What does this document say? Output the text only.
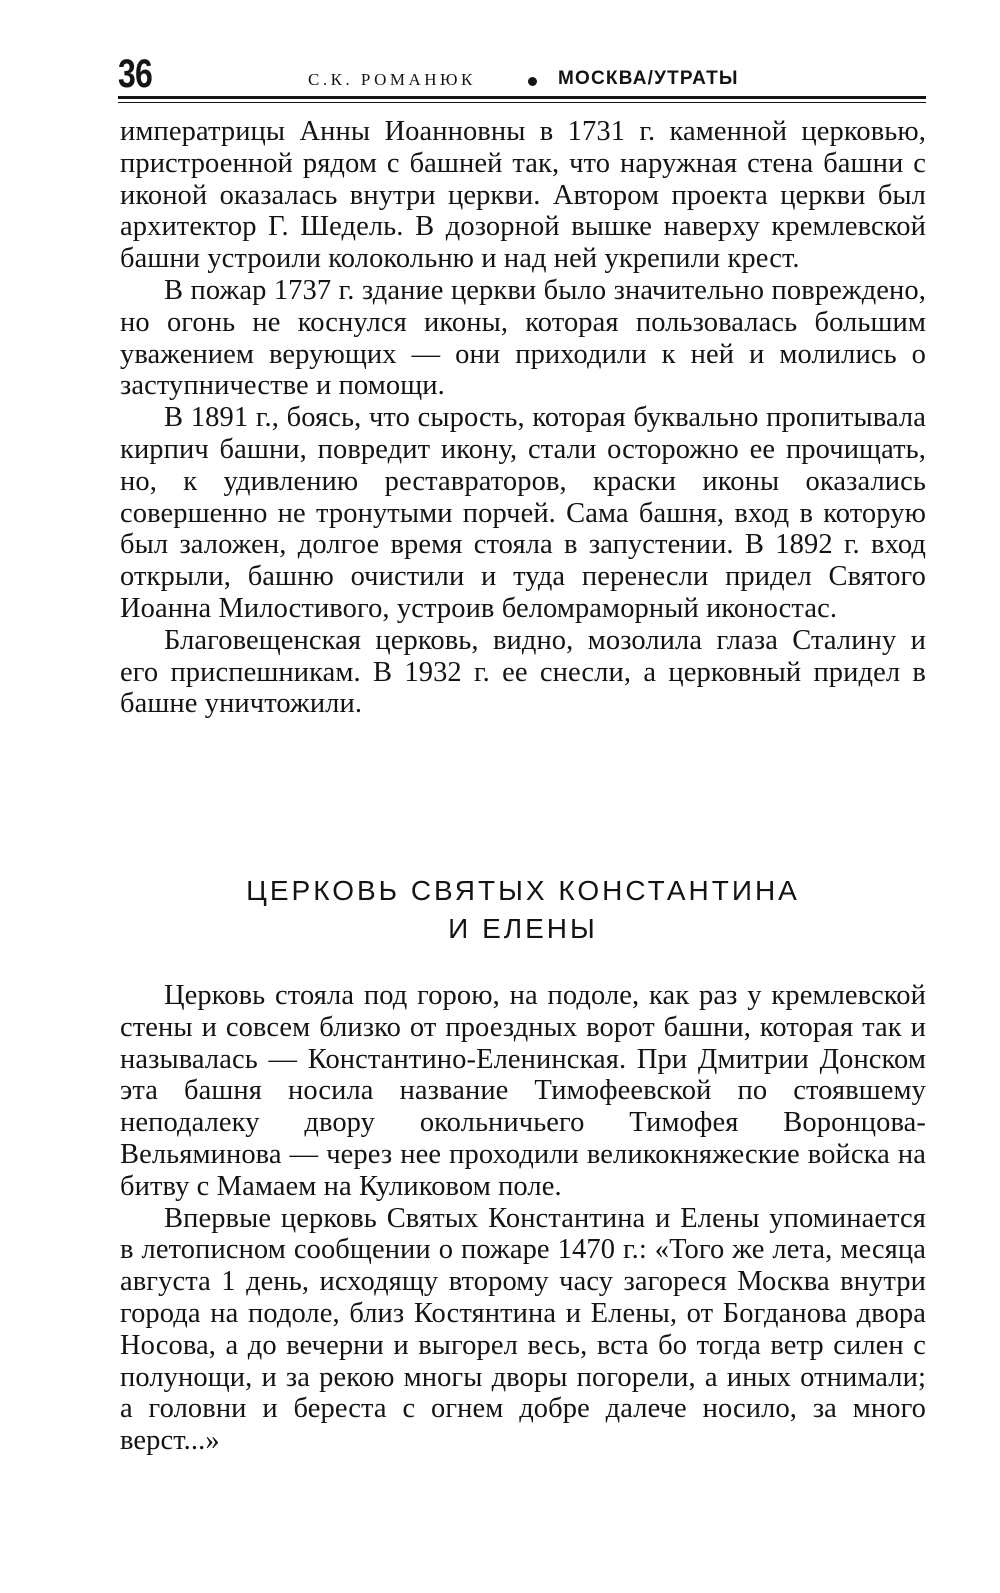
36	С.К. РОМАНЮК	МОСКВА/УТРАТЫ

императрицы Анны Иоанновны в 1731 г. каменной церковью, пристроенной рядом с башней так, что наружная стена башни с иконой оказалась внутри церкви. Автором проекта церкви был архитектор Г. Шедель. В дозорной вышке наверху кремлевской башни устроили колокольню и над ней укрепили крест.

В пожар 1737 г. здание церкви было значительно повреждено, но огонь не коснулся иконы, которая пользовалась большим уважением верующих — они приходили к ней и молились о заступничестве и помощи.

В 1891 г., боясь, что сырость, которая буквально пропитывала кирпич башни, повредит икону, стали осторожно ее прочищать, но, к удивлению реставраторов, краски иконы оказались совершенно не тронутыми порчей. Сама башня, вход в которую был заложен, долгое время стояла в запустении. В 1892 г. вход открыли, башню очистили и туда перенесли придел Святого Иоанна Милостивого, устроив беломраморный иконостас.

Благовещенская церковь, видно, мозолила глаза Сталину и его приспешникам. В 1932 г. ее снесли, а церковный придел в башне уничтожили.

ЦЕРКОВЬ СВЯТЫХ КОНСТАНТИНА
И ЕЛЕНЫ

Церковь стояла под горою, на подоле, как раз у кремлевской стены и совсем близко от проездных ворот башни, которая так и называлась — Константино-Еленинская. При Дмитрии Донском эта башня носила название Тимофеевской по стоявшему неподалеку двору окольничьего Тимофея Воронцова-Вельяминова — через нее проходили великокняжеские войска на битву с Мамаем на Куликовом поле.

Впервые церковь Святых Константина и Елены упоминается в летописном сообщении о пожаре 1470 г.: «Того же лета, месяца августа 1 день, исходящу второму часу загореся Москва внутри города на подоле, близ Костянтина и Елены, от Богданова двора Носова, а до вечерни и выгорел весь, вста бо тогда ветр силен с полунощи, и за рекою многы дворы погорели, а иных отнимали; а головни и береста с огнем добре далече носило, за много верст...»
